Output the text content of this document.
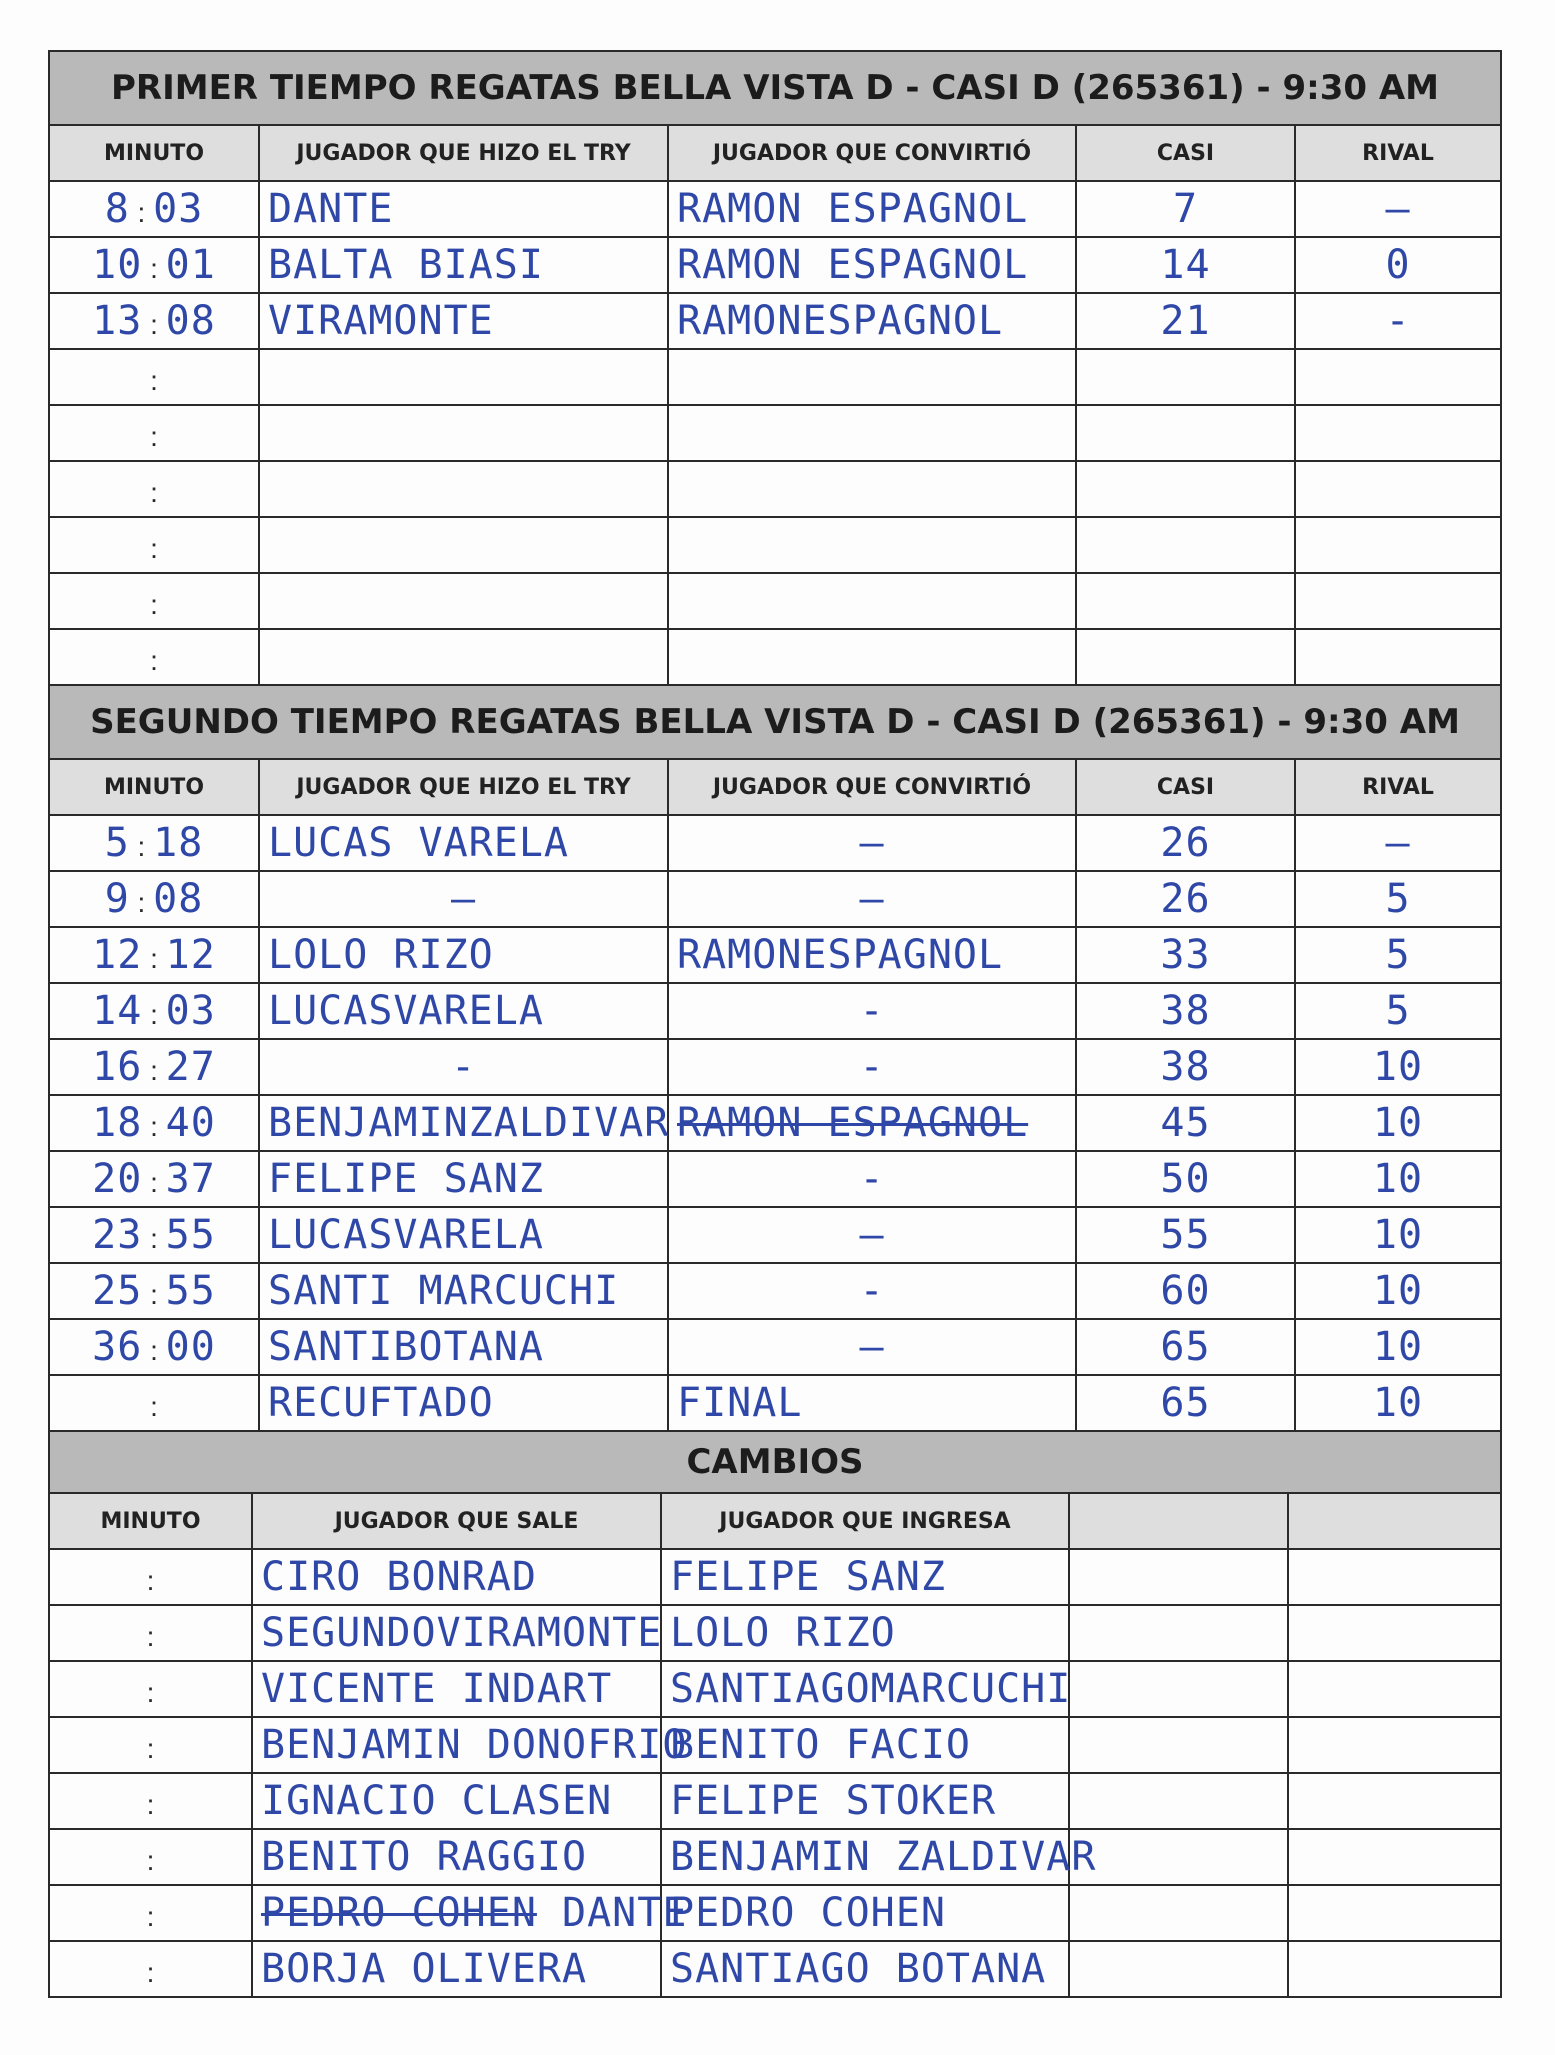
PRIMER TIEMPO REGATAS BELLA VISTA D - CASI D (265361) - 9:30 AM				
MINUTO	JUGADOR QUE HIZO EL TRY	JUGADOR QUE CONVIRTIÓ	CASI	RIVAL
8 : 03	DANTE	RAMON ESPAGNOL	7	—
10 : 01	BALTA BIASI	RAMON ESPAGNOL	14	0
13 : 08	VIRAMONTE	RAMONESPAGNOL	21	-
:				
:				
:				
:				
:				
:				
SEGUNDO TIEMPO REGATAS BELLA VISTA D - CASI D (265361) - 9:30 AM				
MINUTO	JUGADOR QUE HIZO EL TRY	JUGADOR QUE CONVIRTIÓ	CASI	RIVAL
5 : 18	LUCAS VARELA	—	26	—
9 : 08	—	—	26	5
12 : 12	LOLO RIZO	RAMONESPAGNOL	33	5
14 : 03	LUCASVARELA	-	38	5
16 : 27	-	-	38	10
18 : 40	BENJAMINZALDIVAR	RAMON ESPAGNOL	45	10
20 : 37	FELIPE SANZ	-	50	10
23 : 55	LUCASVARELA	—	55	10
25 : 55	SANTI MARCUCHI	-	60	10
36 : 00	SANTIBOTANA	—	65	10
:	RECUFTADO	FINAL	65	10
CAMBIOS				
MINUTO	JUGADOR QUE SALE	JUGADOR QUE INGRESA		
:	CIRO BONRAD	FELIPE SANZ		
:	SEGUNDOVIRAMONTE	LOLO RIZO		
:	VICENTE INDART	SANTIAGOMARCUCHI		
:	BENJAMIN DONOFRIO	BENITO FACIO		
:	IGNACIO CLASEN	FELIPE STOKER		
:	BENITO RAGGIO	BENJAMIN ZALDIVAR		
:	PEDRO COHEN DANTE	PEDRO COHEN		
:	BORJA OLIVERA	SANTIAGO BOTANA		
